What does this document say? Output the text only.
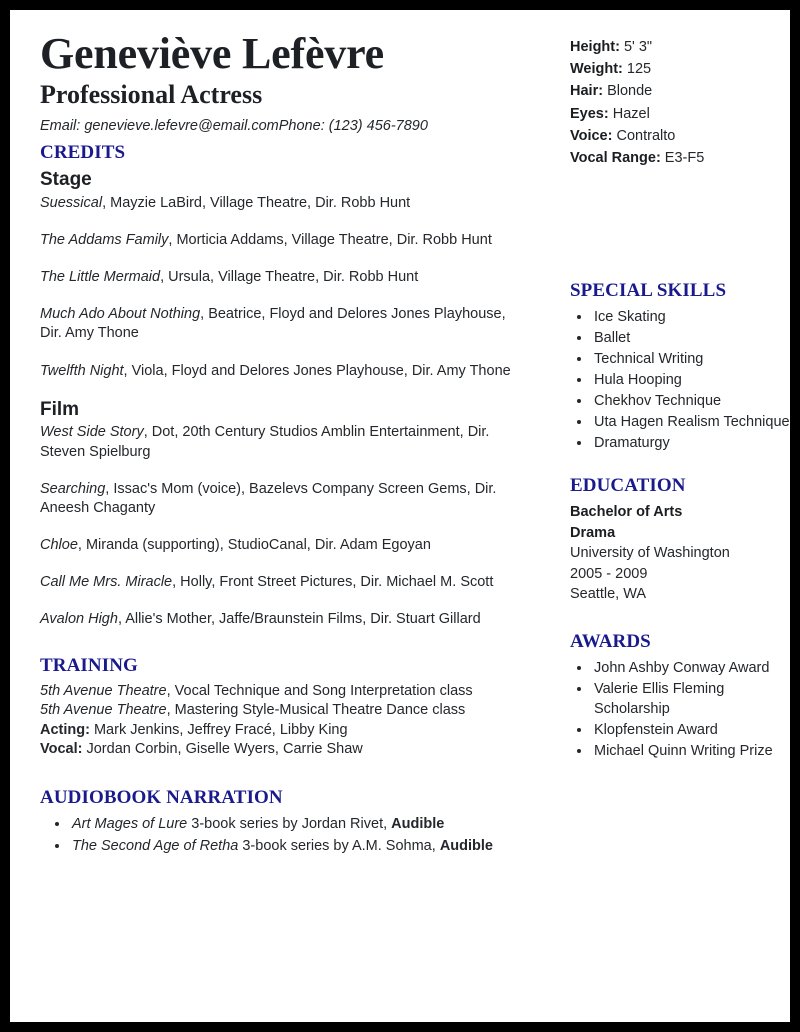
Height: 5' 3"
Weight: 125
Hair: Blonde
Eyes: Hazel
Voice: Contralto
Vocal Range: E3-F5
Geneviève Lefèvre
Professional Actress
Email: genevieve.lefevre@email.comPhone: (123) 456-7890
CREDITS
Stage

Suessical, Mayzie LaBird, Village Theatre, Dir. Robb Hunt

The Addams Family, Morticia Addams, Village Theatre, Dir. Robb Hunt

The Little Mermaid, Ursula, Village Theatre, Dir. Robb Hunt

Much Ado About Nothing, Beatrice, Floyd and Delores Jones Playhouse, Dir. Amy Thone

Twelfth Night, Viola, Floyd and Delores Jones Playhouse, Dir. Amy Thone

Film

West Side Story, Dot, 20th Century Studios Amblin Entertainment, Dir. Steven Spielburg

Searching, Issac's Mom (voice), Bazelevs Company Screen Gems, Dir. Aneesh Chaganty

Chloe, Miranda (supporting), StudioCanal, Dir. Adam Egoyan

Call Me Mrs. Miracle, Holly, Front Street Pictures, Dir. Michael M. Scott

Avalon High, Allie's Mother, Jaffe/Braunstein Films, Dir. Stuart Gillard

TRAINING

5th Avenue Theatre, Vocal Technique and Song Interpretation class

5th Avenue Theatre, Mastering Style-Musical Theatre Dance class

Acting: Mark Jenkins, Jeffrey Fracé, Libby King

Vocal: Jordan Corbin, Giselle Wyers, Carrie Shaw

AUDIOBOOK NARRATION
• Art Mages of Lure 3-book series by Jordan Rivet, Audible
• The Second Age of Retha 3-book series by A.M. Sohma, Audible
SPECIAL SKILLS
• Ice Skating
• Ballet
• Technical Writing
• Hula Hooping
• Chekhov Technique
• Uta Hagen Realism Technique
• Dramaturgy
EDUCATION

Bachelor of Arts

Drama

University of Washington

2005 - 2009

Seattle, WA

AWARDS
• John Ashby Conway Award
• Valerie Ellis Fleming Scholarship
• Klopfenstein Award
• Michael Quinn Writing Prize
